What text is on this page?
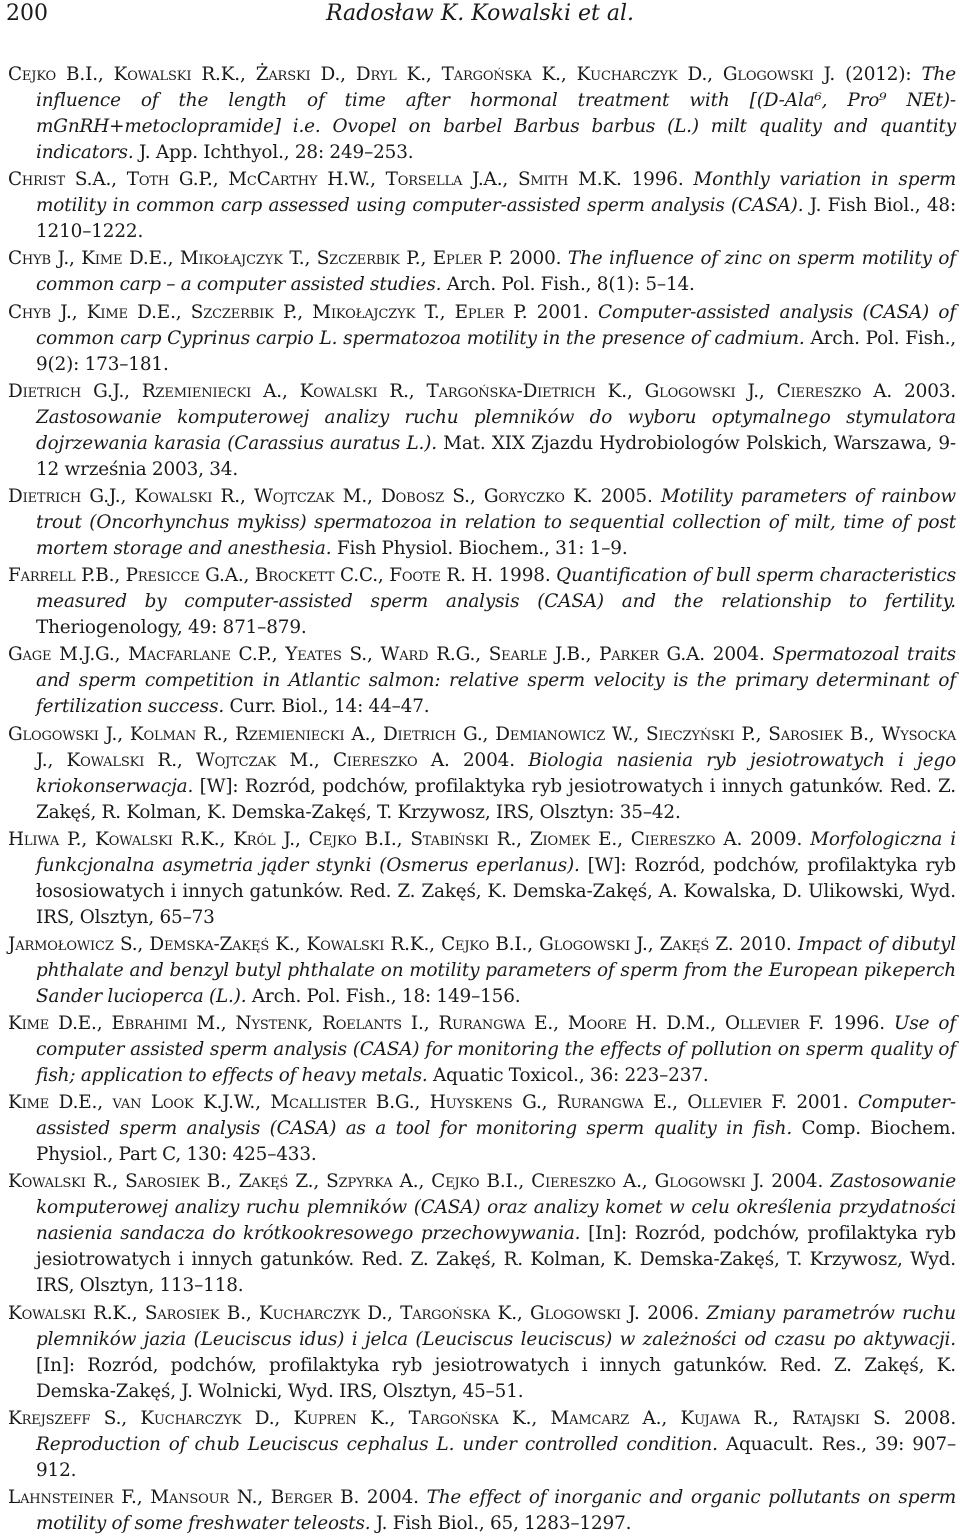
200	Radosław K. Kowalski et al.

Cejko B.I., Kowalski R.K., Żarski D., Dryl K., Targońska K., Kucharczyk D., Glogowski J. (2012): The influence of the length of time after hormonal treatment with [(D-Ala⁶, Pro⁹ NEt)-mGnRH+metoclopramide] i.e. Ovopel on barbel Barbus barbus (L.) milt quality and quantity indicators. J. App. Ichthyol., 28: 249–253.

Christ S.A., Toth G.P., McCarthy H.W., Torsella J.A., Smith M.K. 1996. Monthly variation in sperm motility in common carp assessed using computer-assisted sperm analysis (CASA). J. Fish Biol., 48: 1210–1222.

Chyb J., Kime D.E., Mikołajczyk T., Szczerbik P., Epler P. 2000. The influence of zinc on sperm motility of common carp – a computer assisted studies. Arch. Pol. Fish., 8(1): 5–14.

Chyb J., Kime D.E., Szczerbik P., Mikołajczyk T., Epler P. 2001. Computer-assisted analysis (CASA) of common carp Cyprinus carpio L. spermatozoa motility in the presence of cadmium. Arch. Pol. Fish., 9(2): 173–181.

Dietrich G.J., Rzemieniecki A., Kowalski R., Targońska-Dietrich K., Glogowski J., Ciereszko A. 2003. Zastosowanie komputerowej analizy ruchu plemników do wyboru optymalnego stymulatora dojrzewania karasia (Carassius auratus L.). Mat. XIX Zjazdu Hydrobiologów Polskich, Warszawa, 9-12 września 2003, 34.

Dietrich G.J., Kowalski R., Wojtczak M., Dobosz S., Goryczko K. 2005. Motility parameters of rainbow trout (Oncorhynchus mykiss) spermatozoa in relation to sequential collection of milt, time of post mortem storage and anesthesia. Fish Physiol. Biochem., 31: 1–9.

Farrell P.B., Presicce G.A., Brockett C.C., Foote R. H. 1998. Quantification of bull sperm characteristics measured by computer-assisted sperm analysis (CASA) and the relationship to fertility. Theriogenology, 49: 871–879.

Gage M.J.G., Macfarlane C.P., Yeates S., Ward R.G., Searle J.B., Parker G.A. 2004. Spermatozoal traits and sperm competition in Atlantic salmon: relative sperm velocity is the primary determinant of fertilization success. Curr. Biol., 14: 44–47.

Glogowski J., Kolman R., Rzemieniecki A., Dietrich G., Demianowicz W., Sieczyński P., Sarosiek B., Wysocka J., Kowalski R., Wojtczak M., Ciereszko A. 2004. Biologia nasienia ryb jesiotrowatych i jego kriokonserwacja. [W]: Rozród, podchów, profilaktyka ryb jesiotrowatych i innych gatunków. Red. Z. Zakęś, R. Kolman, K. Demska-Zakęś, T. Krzywosz, IRS, Olsztyn: 35–42.

Hliwa P., Kowalski R.K., Król J., Cejko B.I., Stabiński R., Ziomek E., Ciereszko A. 2009. Morfologiczna i funkcjonalna asymetria jąder stynki (Osmerus eperlanus). [W]: Rozród, podchów, profilaktyka ryb łososiowatych i innych gatunków. Red. Z. Zakęś, K. Demska-Zakęś, A. Kowalska, D. Ulikowski, Wyd. IRS, Olsztyn, 65–73

Jarmołowicz S., Demska-Zakęś K., Kowalski R.K., Cejko B.I., Glogowski J., Zakęś Z. 2010. Impact of dibutyl phthalate and benzyl butyl phthalate on motility parameters of sperm from the European pikeperch Sander lucioperca (L.). Arch. Pol. Fish., 18: 149–156.

Kime D.E., Ebrahimi M., Nystenk, Roelants I., Rurangwa E., Moore H. D.M., Ollevier F. 1996. Use of computer assisted sperm analysis (CASA) for monitoring the effects of pollution on sperm quality of fish; application to effects of heavy metals. Aquatic Toxicol., 36: 223–237.

Kime D.E., van Look K.J.W., Mcallister B.G., Huyskens G., Rurangwa E., Ollevier F. 2001. Computer-assisted sperm analysis (CASA) as a tool for monitoring sperm quality in fish. Comp. Biochem. Physiol., Part C, 130: 425–433.

Kowalski R., Sarosiek B., Zakęś Z., Szpyrka A., Cejko B.I., Ciereszko A., Glogowski J. 2004. Zastosowanie komputerowej analizy ruchu plemników (CASA) oraz analizy komet w celu określenia przydatności nasienia sandacza do krótkookresowego przechowywania. [In]: Rozród, podchów, profilaktyka ryb jesiotrowatych i innych gatunków. Red. Z. Zakęś, R. Kolman, K. Demska-Zakęś, T. Krzywosz, Wyd. IRS, Olsztyn, 113–118.

Kowalski R.K., Sarosiek B., Kucharczyk D., Targońska K., Glogowski J. 2006. Zmiany parametrów ruchu plemników jazia (Leuciscus idus) i jelca (Leuciscus leuciscus) w zależności od czasu po aktywacji. [In]: Rozród, podchów, profilaktyka ryb jesiotrowatych i innych gatunków. Red. Z. Zakęś, K. Demska-Zakęś, J. Wolnicki, Wyd. IRS, Olsztyn, 45–51.

Krejszeff S., Kucharczyk D., Kupren K., Targońska K., Mamcarz A., Kujawa R., Ratajski S. 2008. Reproduction of chub Leuciscus cephalus L. under controlled condition. Aquacult. Res., 39: 907–912.

Lahnsteiner F., Mansour N., Berger B. 2004. The effect of inorganic and organic pollutants on sperm motility of some freshwater teleosts. J. Fish Biol., 65, 1283–1297.
